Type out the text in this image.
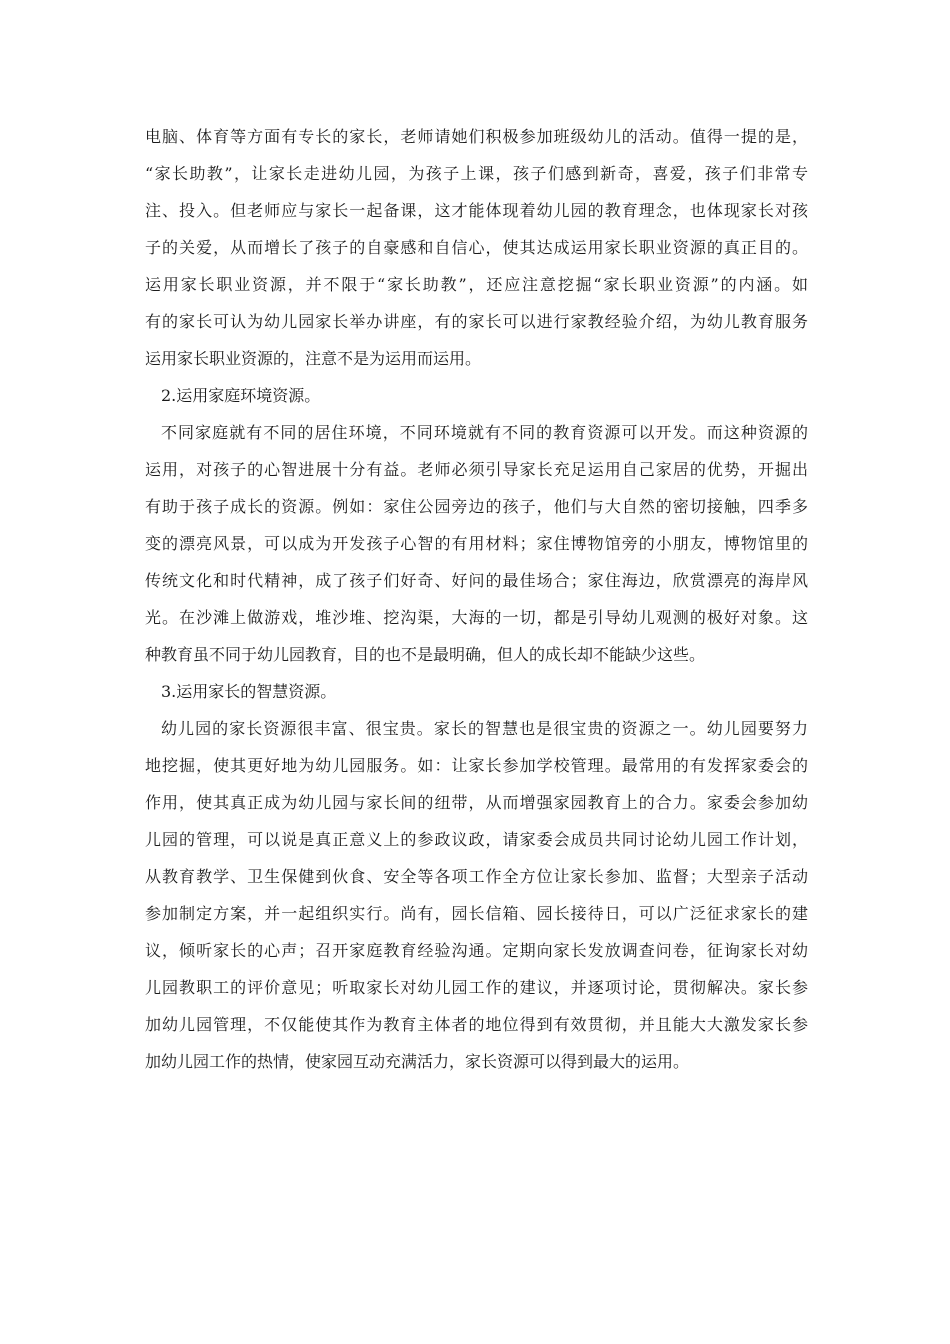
电脑、体育等方面有专长的家长，老师请她们积极参加班级幼儿的活动。值得一提的是，
“家长助教”，让家长走进幼儿园，为孩子上课，孩子们感到新奇，喜爱，孩子们非常专
注、投入。但老师应与家长一起备课，这才能体现着幼儿园的教育理念，也体现家长对孩
子的关爱，从而增长了孩子的自豪感和自信心，使其达成运用家长职业资源的真正目的。
运用家长职业资源，并不限于“家长助教”，还应注意挖掘“家长职业资源”的内涵。如
有的家长可认为幼儿园家长举办讲座，有的家长可以进行家教经验介绍，为幼儿教育服务
运用家长职业资源的，注意不是为运用而运用。
2.运用家庭环境资源。
不同家庭就有不同的居住环境，不同环境就有不同的教育资源可以开发。而这种资源的
运用，对孩子的心智进展十分有益。老师必须引导家长充足运用自己家居的优势，开掘出
有助于孩子成长的资源。例如：家住公园旁边的孩子，他们与大自然的密切接触，四季多
变的漂亮风景，可以成为开发孩子心智的有用材料；家住博物馆旁的小朋友，博物馆里的
传统文化和时代精神，成了孩子们好奇、好问的最佳场合；家住海边，欣赏漂亮的海岸风
光。在沙滩上做游戏，堆沙堆、挖沟渠，大海的一切，都是引导幼儿观测的极好对象。这
种教育虽不同于幼儿园教育，目的也不是最明确，但人的成长却不能缺少这些。
3.运用家长的智慧资源。
幼儿园的家长资源很丰富、很宝贵。家长的智慧也是很宝贵的资源之一。幼儿园要努力
地挖掘，使其更好地为幼儿园服务。如：让家长参加学校管理。最常用的有发挥家委会的
作用，使其真正成为幼儿园与家长间的纽带，从而增强家园教育上的合力。家委会参加幼
儿园的管理，可以说是真正意义上的参政议政，请家委会成员共同讨论幼儿园工作计划，
从教育教学、卫生保健到伙食、安全等各项工作全方位让家长参加、监督；大型亲子活动
参加制定方案，并一起组织实行。尚有，园长信箱、园长接待日，可以广泛征求家长的建
议，倾听家长的心声；召开家庭教育经验沟通。定期向家长发放调查问卷，征询家长对幼
儿园教职工的评价意见；听取家长对幼儿园工作的建议，并逐项讨论，贯彻解决。家长参
加幼儿园管理，不仅能使其作为教育主体者的地位得到有效贯彻，并且能大大激发家长参
加幼儿园工作的热情，使家园互动充满活力，家长资源可以得到最大的运用。
